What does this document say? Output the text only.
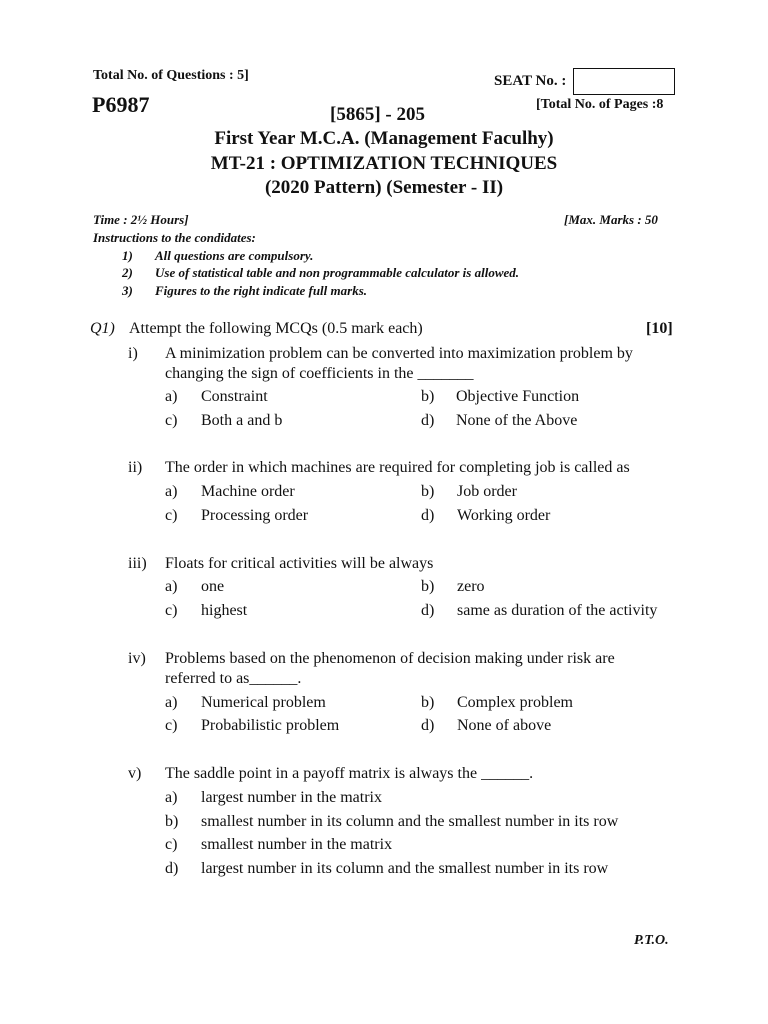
Total No. of Questions : 5]	SEAT No. :
P6987	[5865] - 205	[Total No. of Pages :8
First Year M.C.A. (Management Faculhy)
MT-21 : OPTIMIZATION TECHNIQUES
(2020 Pattern) (Semester - II)
Time : 2½ Hours]	[Max. Marks : 50
Instructions to the condidates:
1) All questions are compulsory.
2) Use of statistical table and non programmable calculator is allowed.
3) Figures to the right indicate full marks.
Q1) Attempt the following MCQs (0.5 mark each)	[10]
i) A minimization problem can be converted into maximization problem by
changing the sign of coefficients in the _______
a) Constraint	b) Objective Function
c) Both a and b	d) None of the Above
ii) The order in which machines are required for completing job is called as
a) Machine order	b) Job order
c) Processing order	d) Working order
iii) Floats for critical activities will be always
a) one	b) zero
c) highest	d) same as duration of the activity
iv) Problems based on the phenomenon of decision making under risk are
referred to as______.
a) Numerical problem	b) Complex problem
c) Probabilistic problem	d) None of above
v) The saddle point in a payoff matrix is always the ______.
a) largest number in the matrix
b) smallest number in its column and the smallest number in its row
c) smallest number in the matrix
d) largest number in its column and the smallest number in its row
P.T.O.
